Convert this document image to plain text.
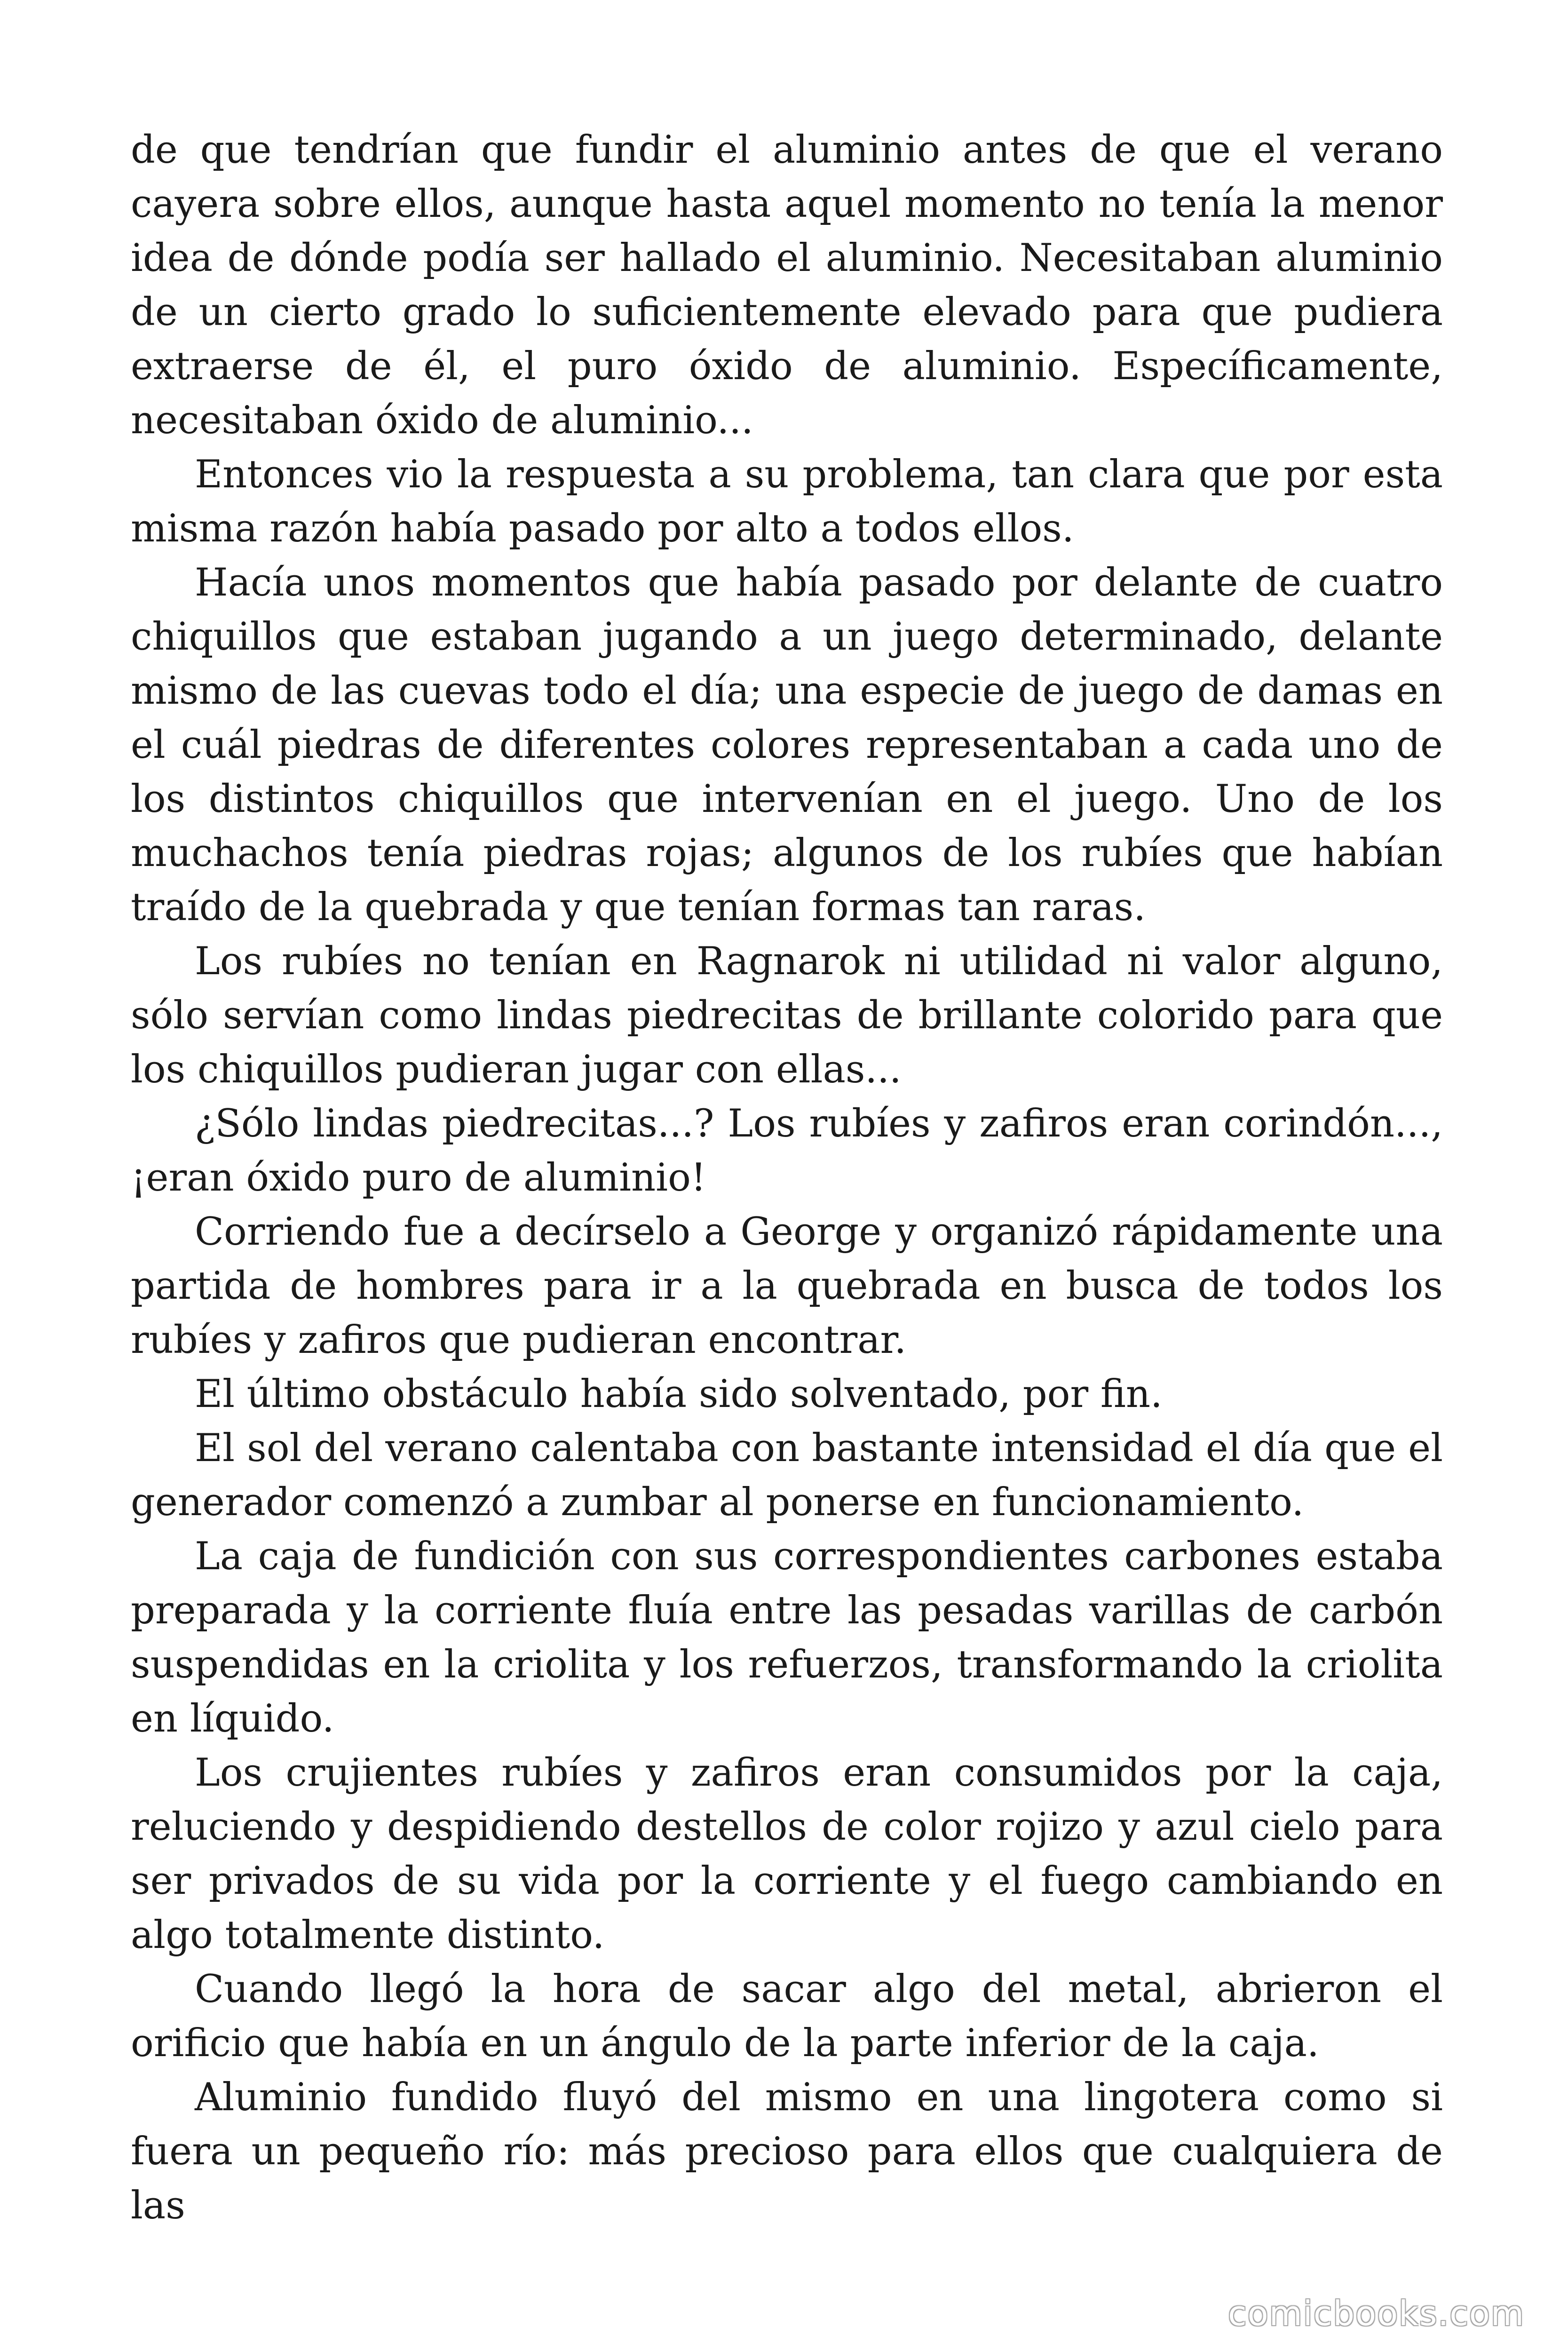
de que tendrían que fundir el aluminio antes de que el verano cayera sobre ellos, aunque hasta aquel momento no tenía la menor idea de dónde podía ser hallado el aluminio. Necesitaban aluminio de un cierto grado lo suficientemente elevado para que pudiera extraerse de él, el puro óxido de aluminio. Específicamente, necesitaban óxido de aluminio...

Entonces vio la respuesta a su problema, tan clara que por esta misma razón había pasado por alto a todos ellos.

Hacía unos momentos que había pasado por delante de cuatro chiquillos que estaban jugando a un juego determinado, delante mismo de las cuevas todo el día; una especie de juego de damas en el cuál piedras de diferentes colores representaban a cada uno de los distintos chiquillos que intervenían en el juego. Uno de los muchachos tenía piedras rojas; algunos de los rubíes que habían traído de la quebrada y que tenían formas tan raras.

Los rubíes no tenían en Ragnarok ni utilidad ni valor alguno, sólo servían como lindas piedrecitas de brillante colorido para que los chiquillos pudieran jugar con ellas...

¿Sólo lindas piedrecitas...? Los rubíes y zafiros eran corindón..., ¡eran óxido puro de aluminio!

Corriendo fue a decírselo a George y organizó rápidamente una partida de hombres para ir a la quebrada en busca de todos los rubíes y zafiros que pudieran encontrar.

El último obstáculo había sido solventado, por fin.

El sol del verano calentaba con bastante intensidad el día que el generador comenzó a zumbar al ponerse en funcionamiento.

La caja de fundición con sus correspondientes carbones estaba preparada y la corriente fluía entre las pesadas varillas de carbón suspendidas en la criolita y los refuerzos, transformando la criolita en líquido.

Los crujientes rubíes y zafiros eran consumidos por la caja, reluciendo y despidiendo destellos de color rojizo y azul cielo para ser privados de su vida por la corriente y el fuego cambiando en algo totalmente distinto.

Cuando llegó la hora de sacar algo del metal, abrieron el orificio que había en un ángulo de la parte inferior de la caja.

Aluminio fundido fluyó del mismo en una lingotera como si fuera un pequeño río: más precioso para ellos que cualquiera de las

comicbooks.com
